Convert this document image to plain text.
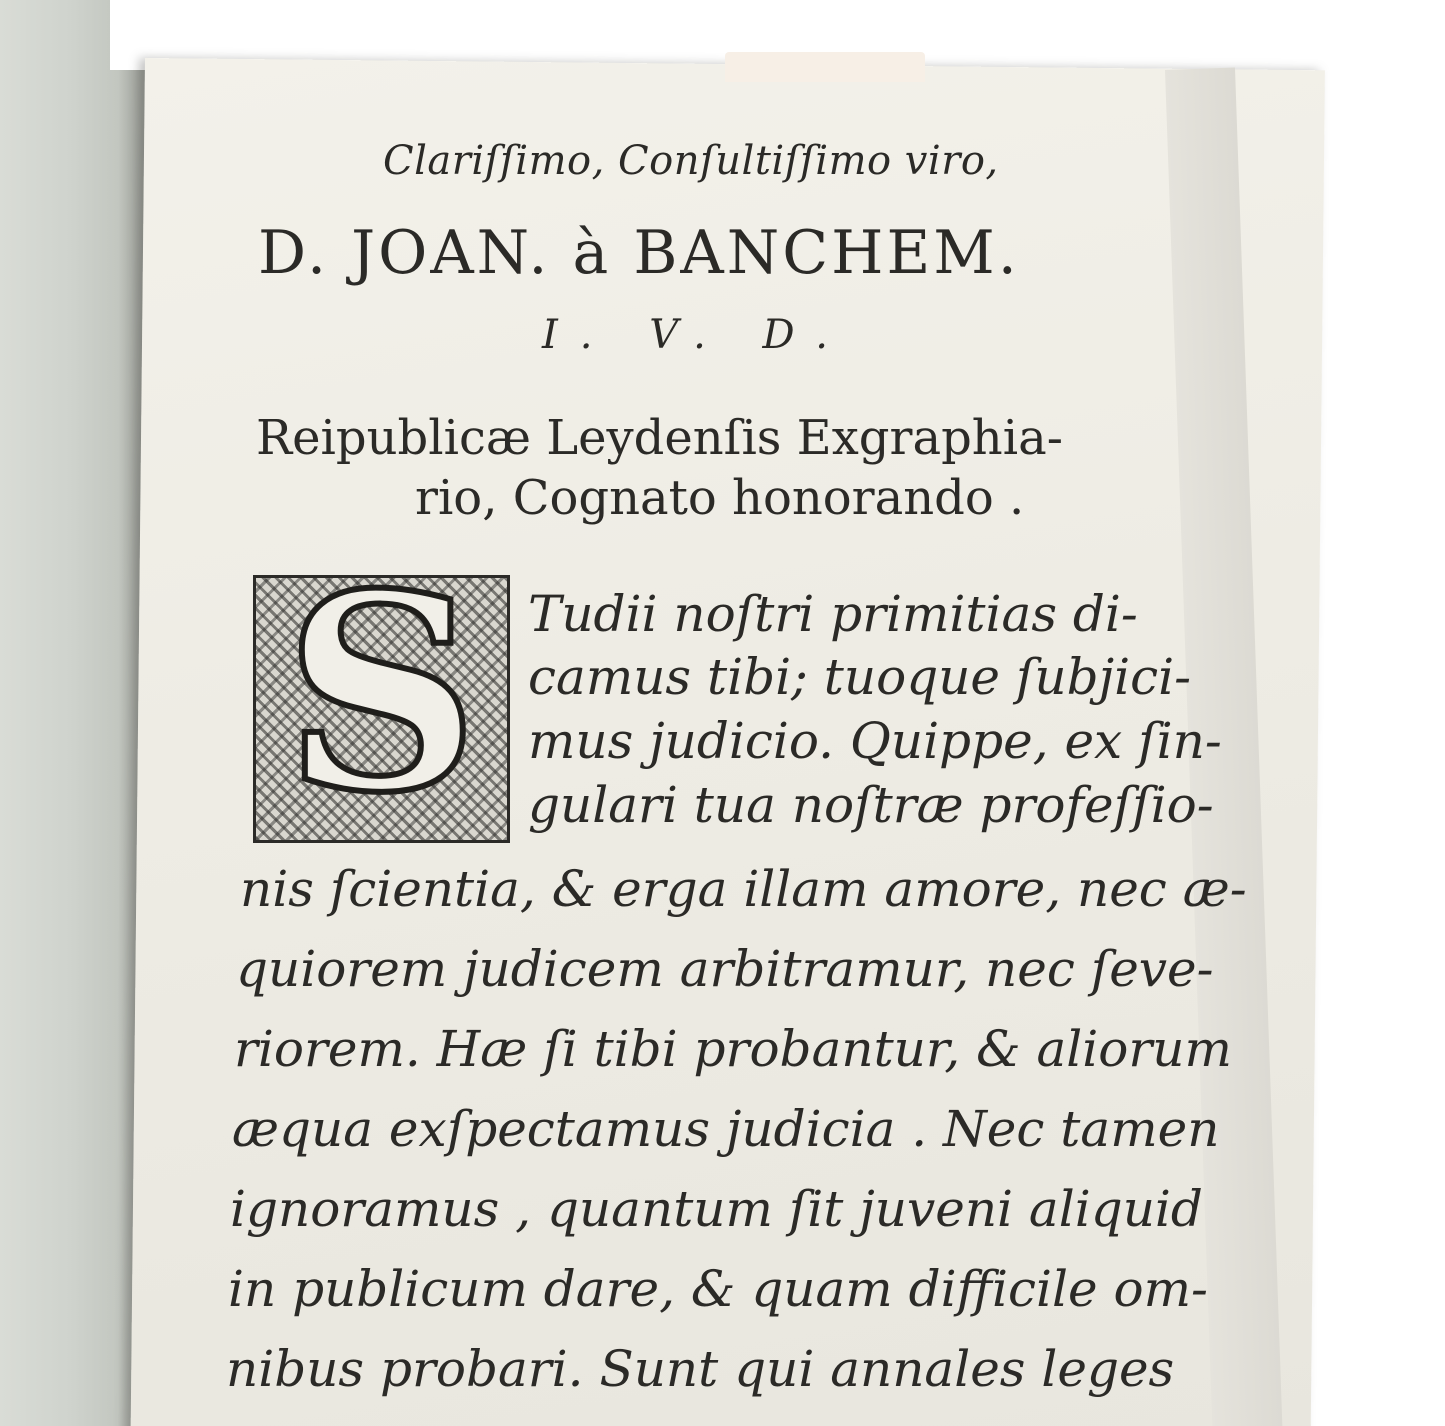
Clariſſimo, Conſultiſſimo viro,
D. JOAN. à BANCHEM.
I. V. D.
Reipublicæ Leydenſis Exgraphia-
rio, Cognato honorando .
S Tudii noſtri primitias di-
camus tibi; tuoque ſubjici-
mus judicio. Quippe, ex ſin-
gulari tua noſtræ profeſſio-
nis ſcientia, & erga illam amore, nec æ-
quiorem judicem arbitramur, nec ſeve-
riorem. Hæ ſi tibi probantur, & aliorum
æqua exſpectamus judicia . Nec tamen
ignoramus , quantum ſit juveni aliquid
in publicum dare, & quam difficile om-
nibus probari. Sunt qui annales leges
